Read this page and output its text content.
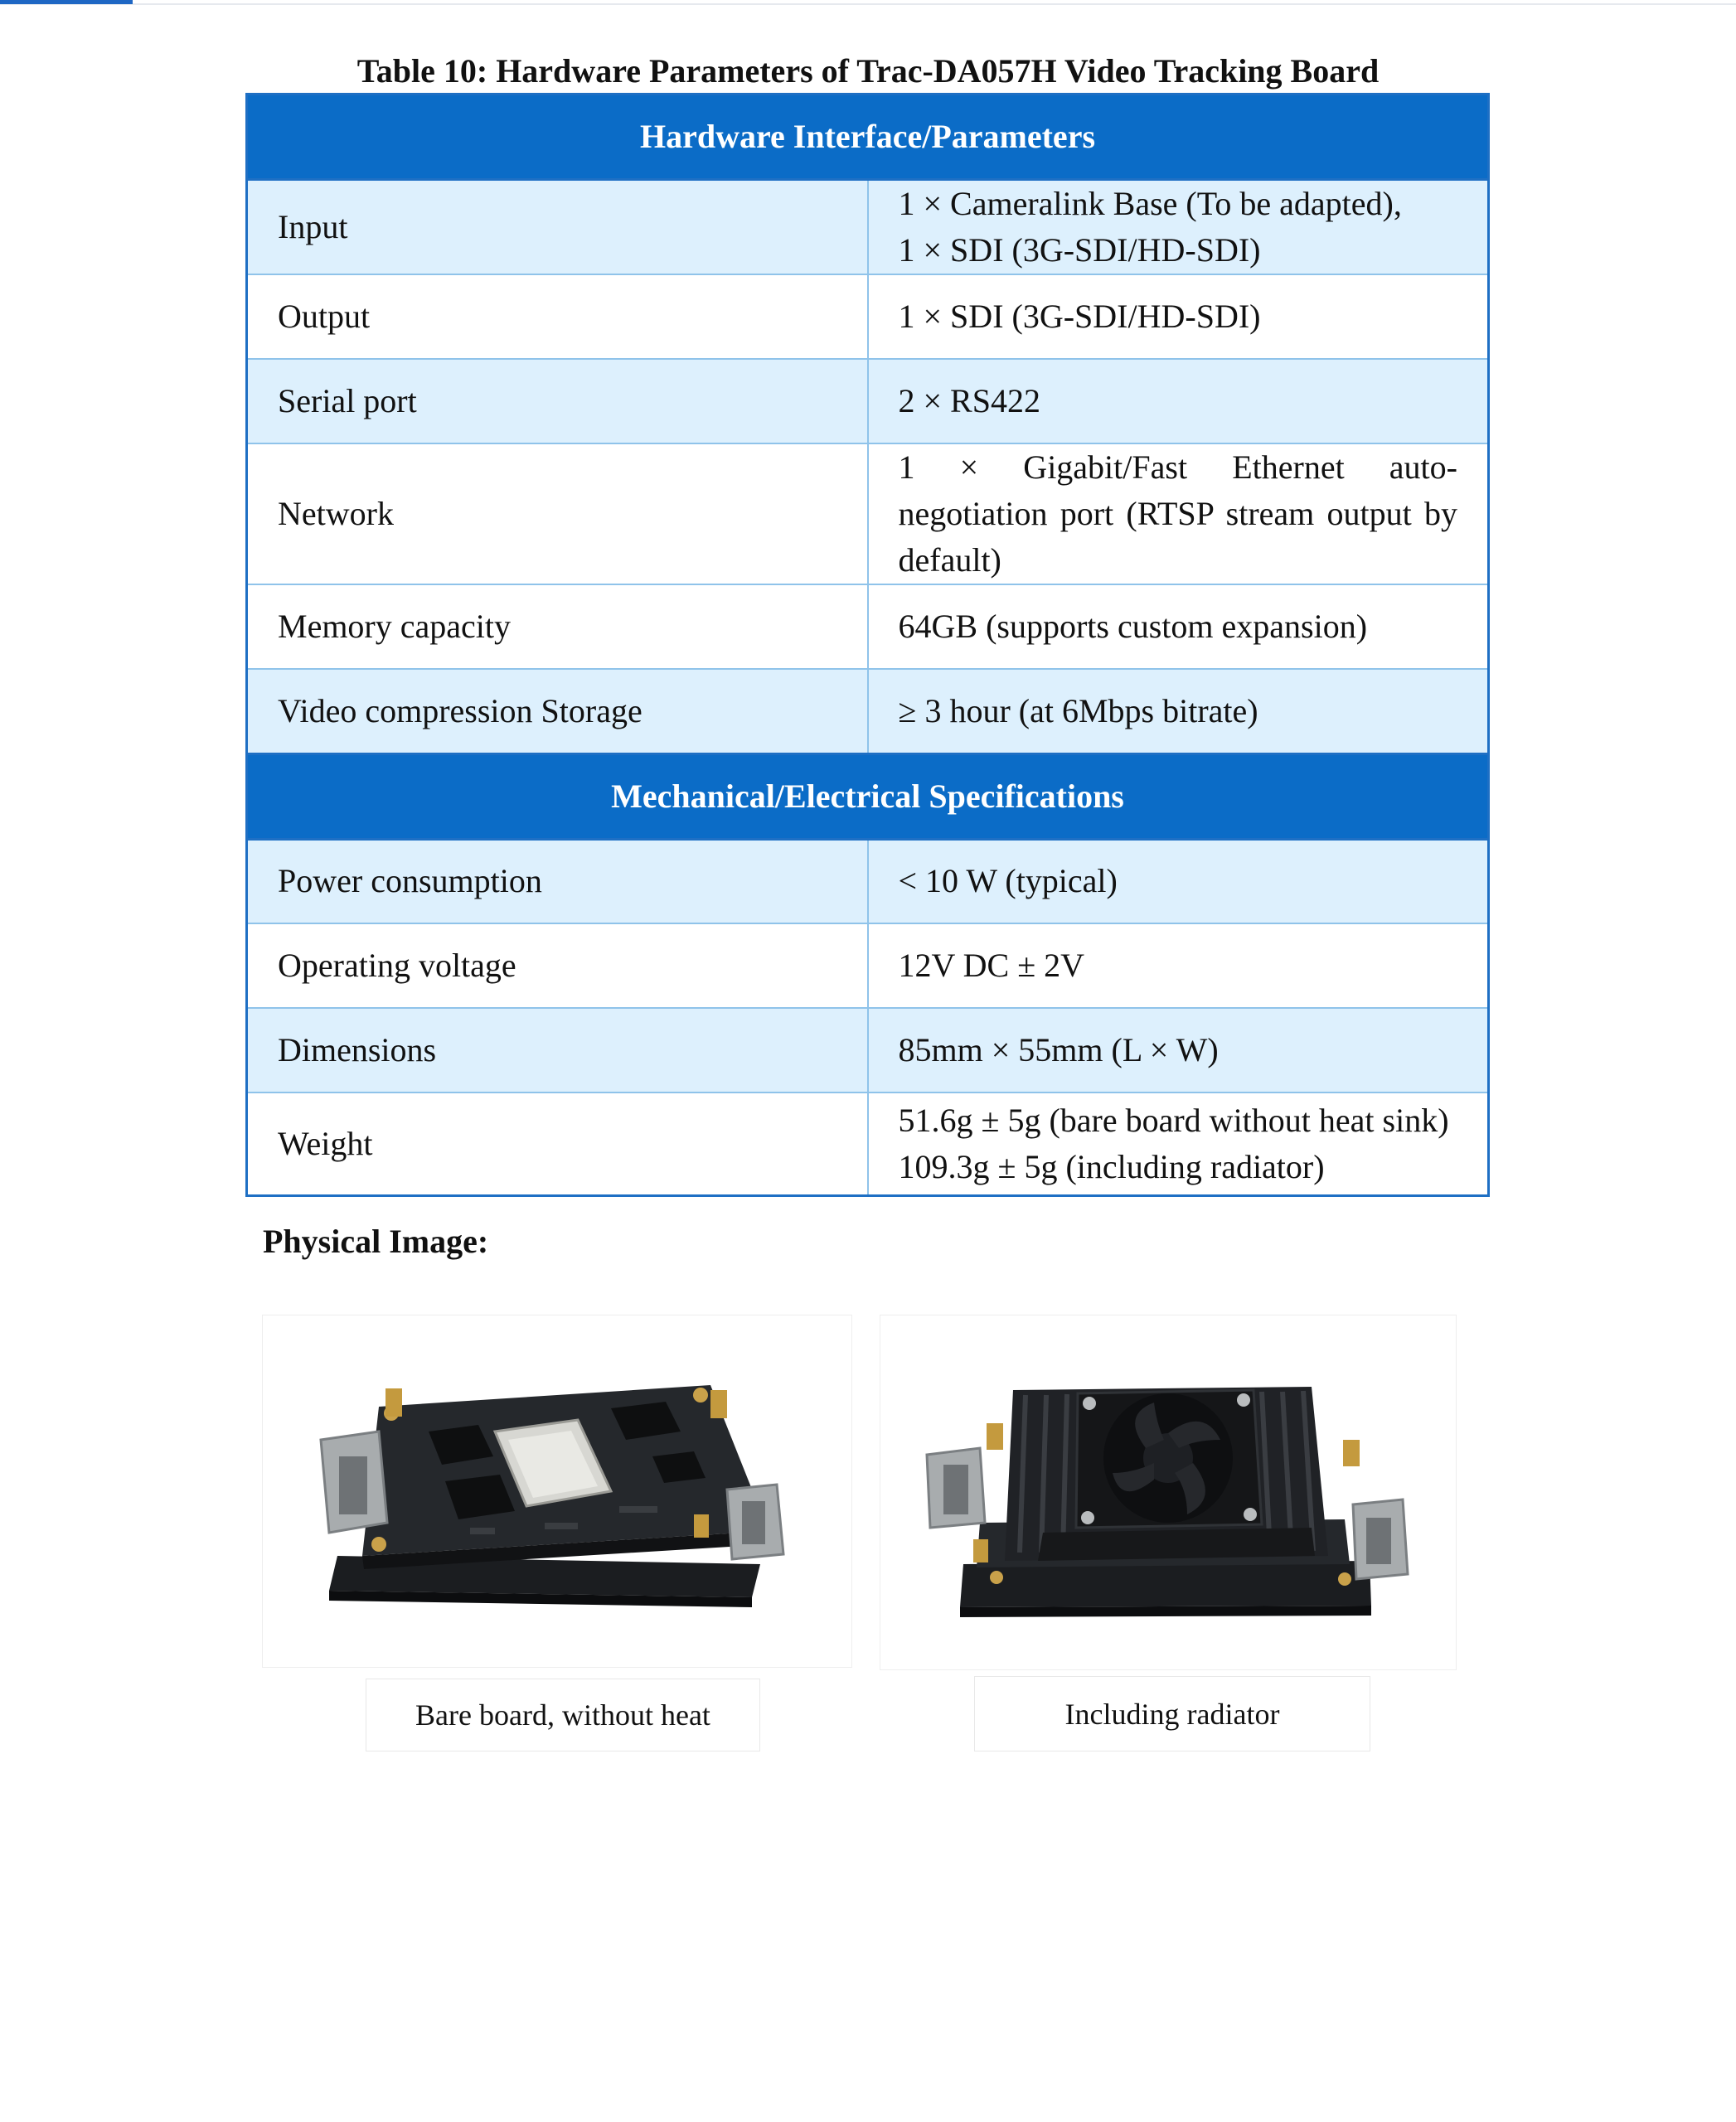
Table 10: Hardware Parameters of Trac-DA057H Video Tracking Board
Hardware Interface/Parameters	
Input	1 × Cameralink Base (To be adapted),
1 × SDI (3G-SDI/HD-SDI)

Output	1 × SDI (3G-SDI/HD-SDI)
Serial port	2 × RS422
Network	1 × Gigabit/Fast Ethernet auto-negotiation port (RTSP stream output by default)
Memory capacity	64GB (supports custom expansion)
Video compression Storage	≥ 3 hour (at 6Mbps bitrate)
Mechanical/Electrical Specifications	
Power consumption	< 10 W (typical)
Operating voltage	12V DC ± 2V
Dimensions	85mm × 55mm (L × W)
Weight	51.6g ± 5g (bare board without heat sink)
109.3g ± 5g (including radiator)
Physical Image:
Bare board, without heat	Including radiator
